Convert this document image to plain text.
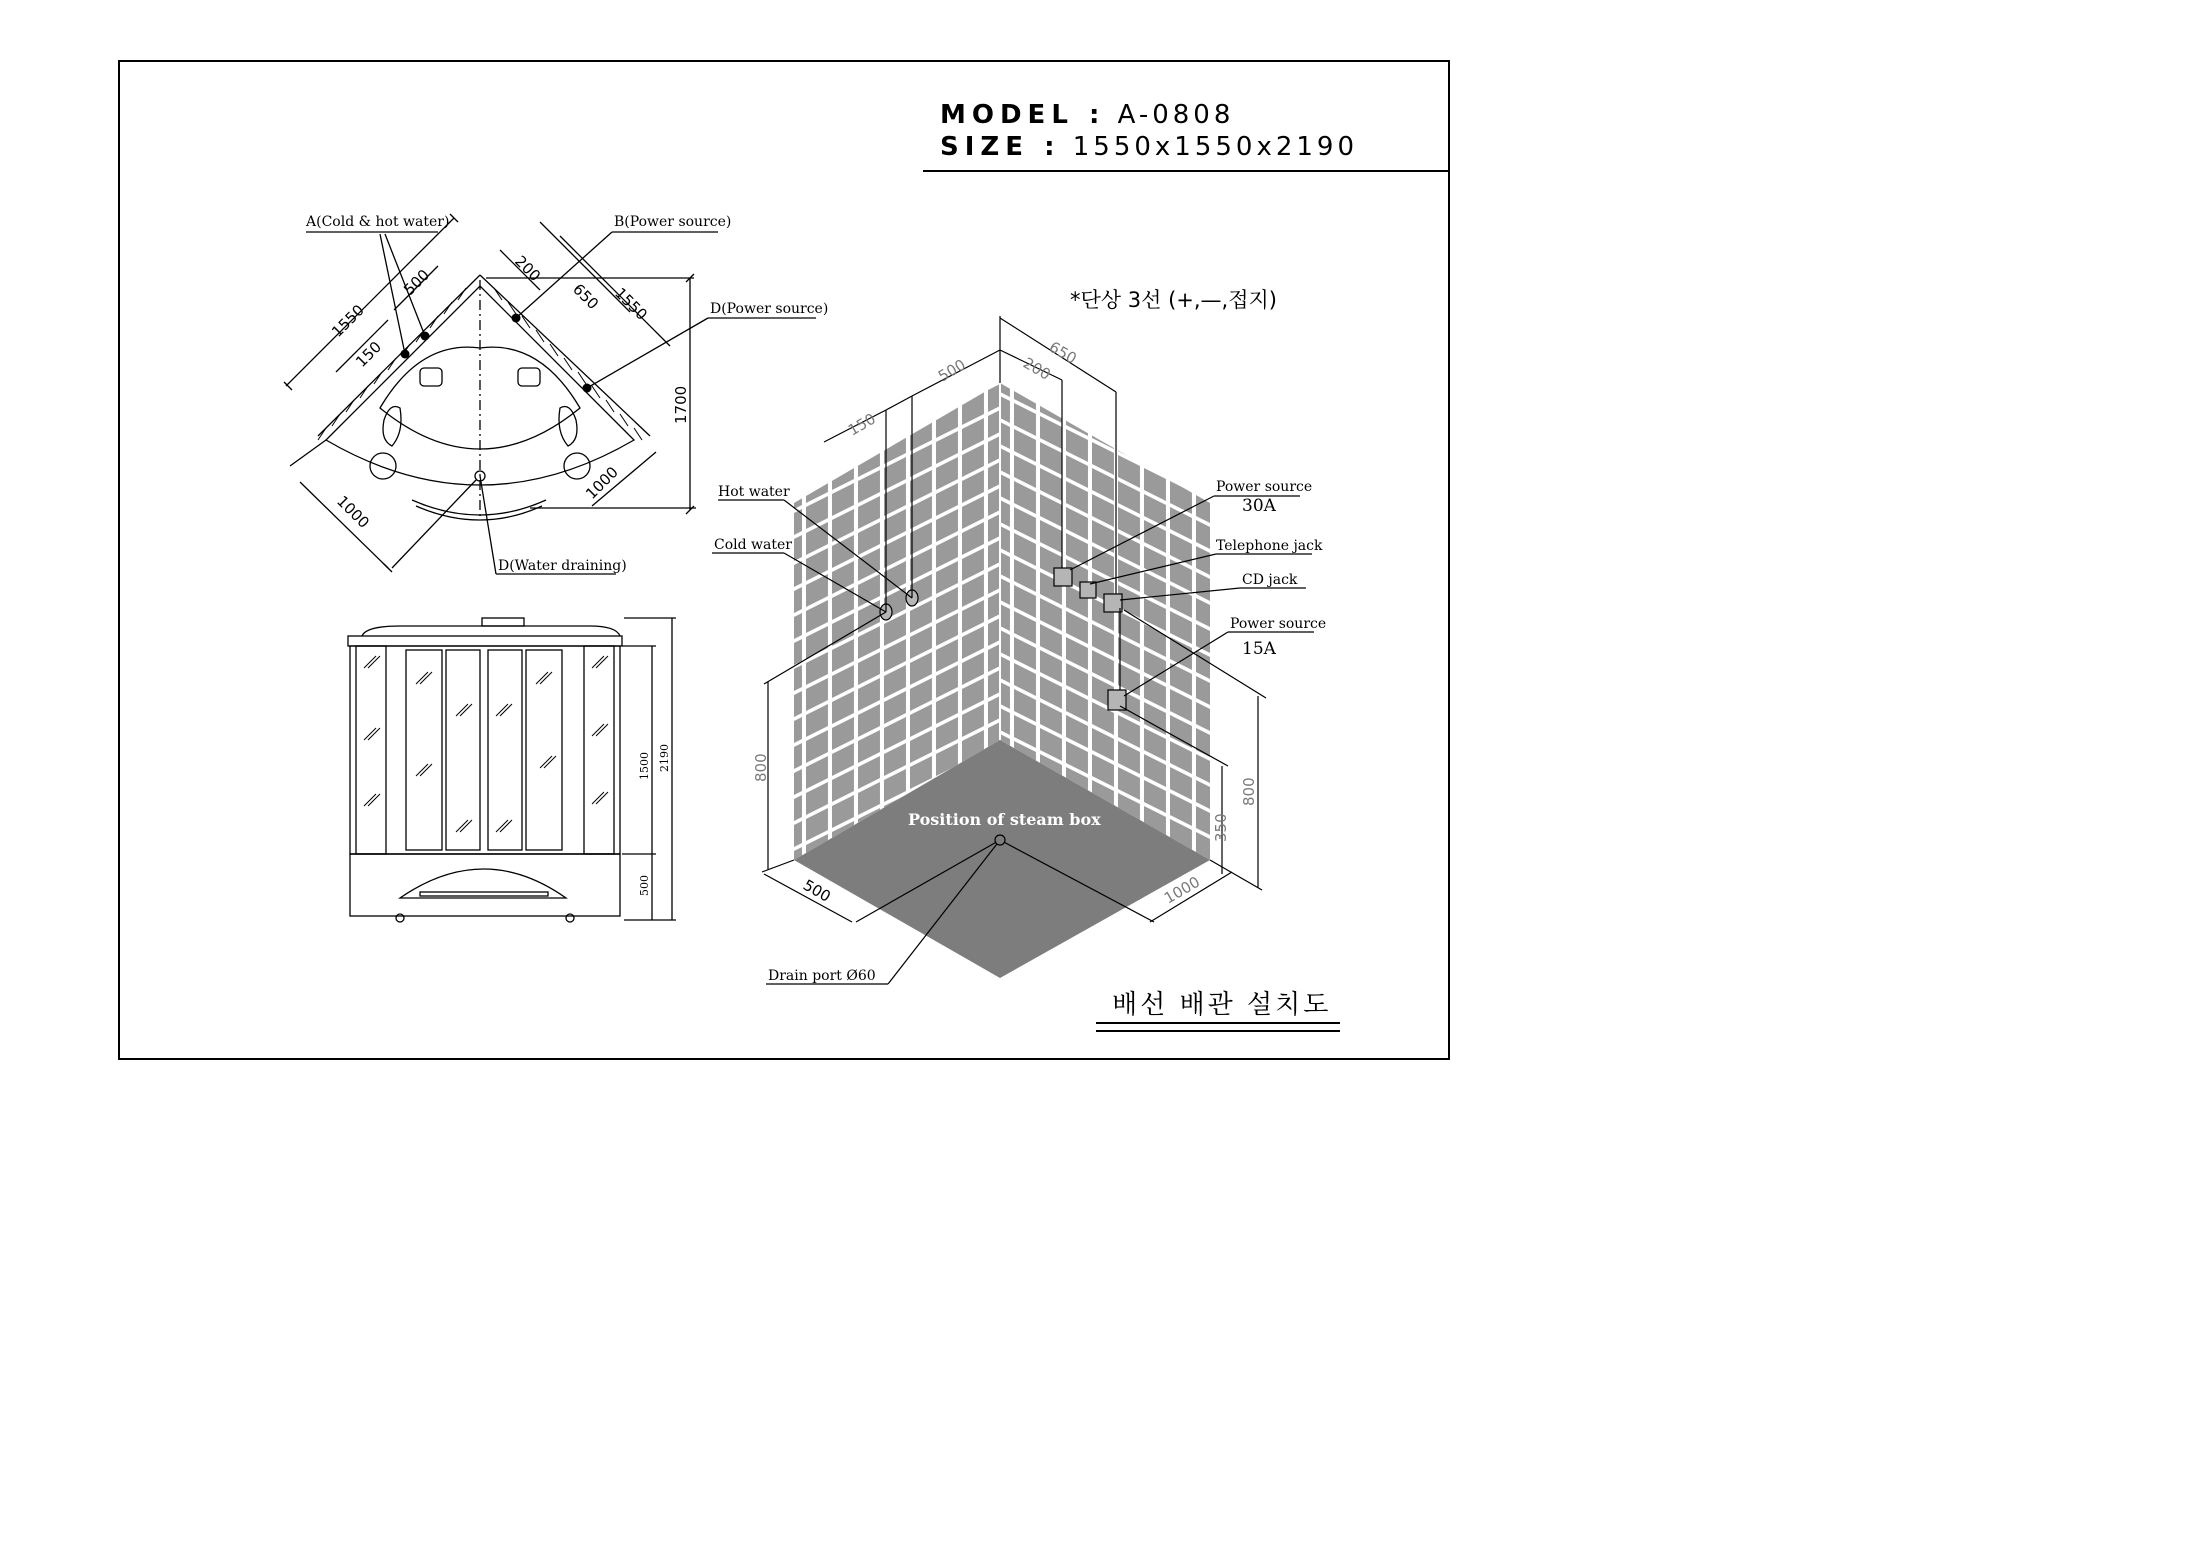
MODEL : A-0808
SIZE : 1550x1550x2190
*단상 3선 (+,—,접지)
A(Cold & hot water)	B(Power source)
D(Power source)
D(Water draining)
1550
500
150
200
650 1550
1700
1000
1000
1500 2190
500
Hot water
Cold water
Power source
30A
Telephone jack
CD jack
Power source
15A
Position of steam box
Drain port Ø60
150
500	200
650
800
350
800
500	1000
배선 배관 설치도
